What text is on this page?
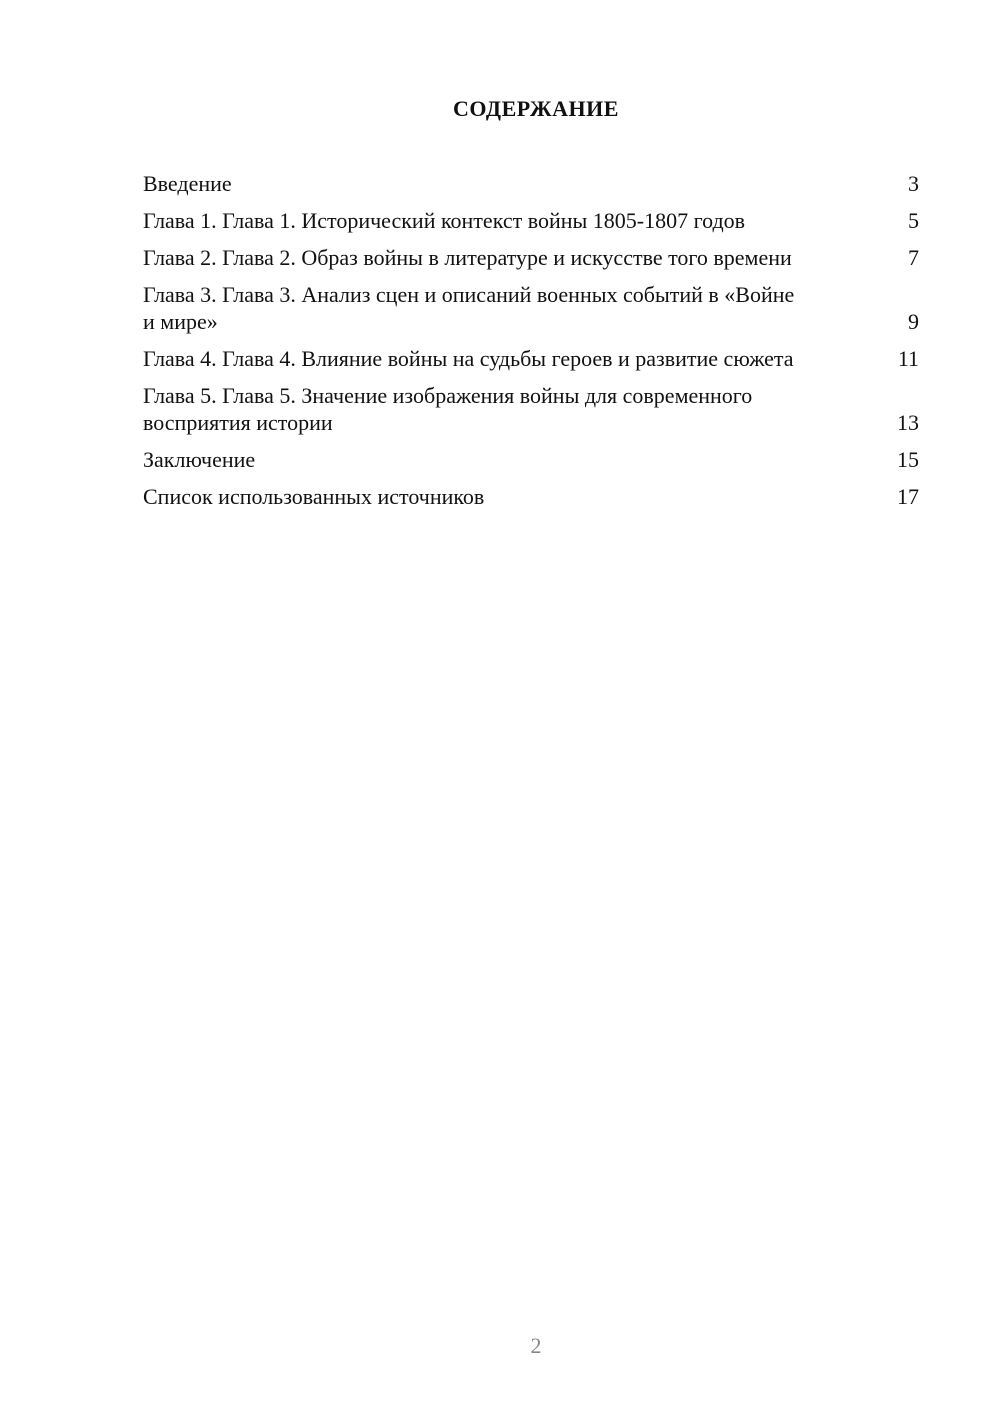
СОДЕРЖАНИЕ
Введение	3
Глава 1. Глава 1. Исторический контекст войны 1805-1807 годов	5
Глава 2. Глава 2. Образ войны в литературе и искусстве того времени	7
Глава 3. Глава 3. Анализ сцен и описаний военных событий в «Войне и мире»	9
Глава 4. Глава 4. Влияние войны на судьбы героев и развитие сюжета	11
Глава 5. Глава 5. Значение изображения войны для современного восприятия истории	13
Заключение	15
Список использованных источников	17
2
